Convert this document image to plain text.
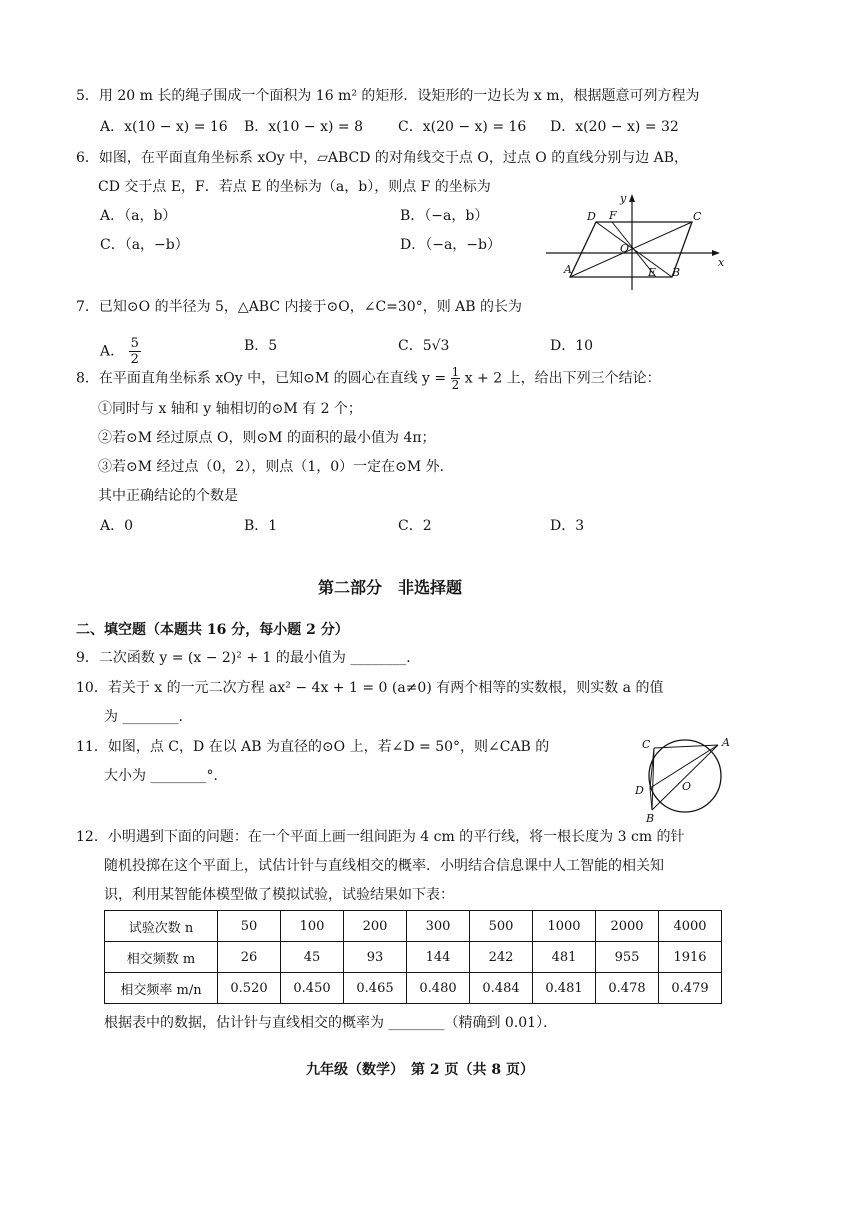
5．用 20 m 长的绳子围成一个面积为 16 m² 的矩形．设矩形的一边长为 x m，根据题意可列方程为
A．x(10 − x) = 16 B．x(10 − x) = 8	C．x(20 − x) = 16 D．x(20 − x) = 32
6．如图，在平面直角坐标系 xOy 中，▱ABCD 的对角线交于点 O，过点 O 的直线分别与边 AB，
CD 交于点 E，F．若点 E 的坐标为（a，b），则点 F 的坐标为
A．（a，b）	B．（−a，b）
C．（a，−b）	D．（−a，−b）
y
x
D F	C
O
A	E B
7．已知⊙O 的半径为 5，△ABC 内接于⊙O，∠C=30°，则 AB 的长为
A． $\frac{5}{2}$	B．5	C．5√3	D．10
8．在平面直角坐标系 xOy 中，已知⊙M 的圆心在直线 $y = \frac{1}{2}$ x + 2 上，给出下列三个结论：
①同时与 x 轴和 y 轴相切的⊙M 有 2 个；
②若⊙M 经过原点 O，则⊙M 的面积的最小值为 4π；
③若⊙M 经过点（0，2），则点（1，0）一定在⊙M 外．
其中正确结论的个数是
A．0	B．1	C．2	D．3
第二部分　非选择题
二、填空题（本题共 16 分，每小题 2 分）
9．二次函数 y = (x − 2)² + 1 的最小值为 ________．
10．若关于 x 的一元二次方程 ax² − 4x + 1 = 0 (a≠0) 有两个相等的实数根，则实数 a 的值
为 ________．
11．如图，点 C，D 在以 AB 为直径的⊙O 上，若∠D = 50°，则∠CAB 的
大小为 ________°．
C	A
D	O
B
12．小明遇到下面的问题：在一个平面上画一组间距为 4 cm 的平行线，将一根长度为 3 cm 的针
随机投掷在这个平面上，试估计针与直线相交的概率．小明结合信息课中人工智能的相关知
识，利用某智能体模型做了模拟试验，试验结果如下表：
试验次数 n	50	100	200	300	500	1000	2000	4000
相交频数 m	26	45	93	144	242	481	955	1916
相交频率 m/n	0.520	0.450	0.465	0.480	0.484	0.481	0.478	0.479
根据表中的数据，估计针与直线相交的概率为 ________（精确到 0.01）．
九年级（数学）　第 2 页（共 8 页）
